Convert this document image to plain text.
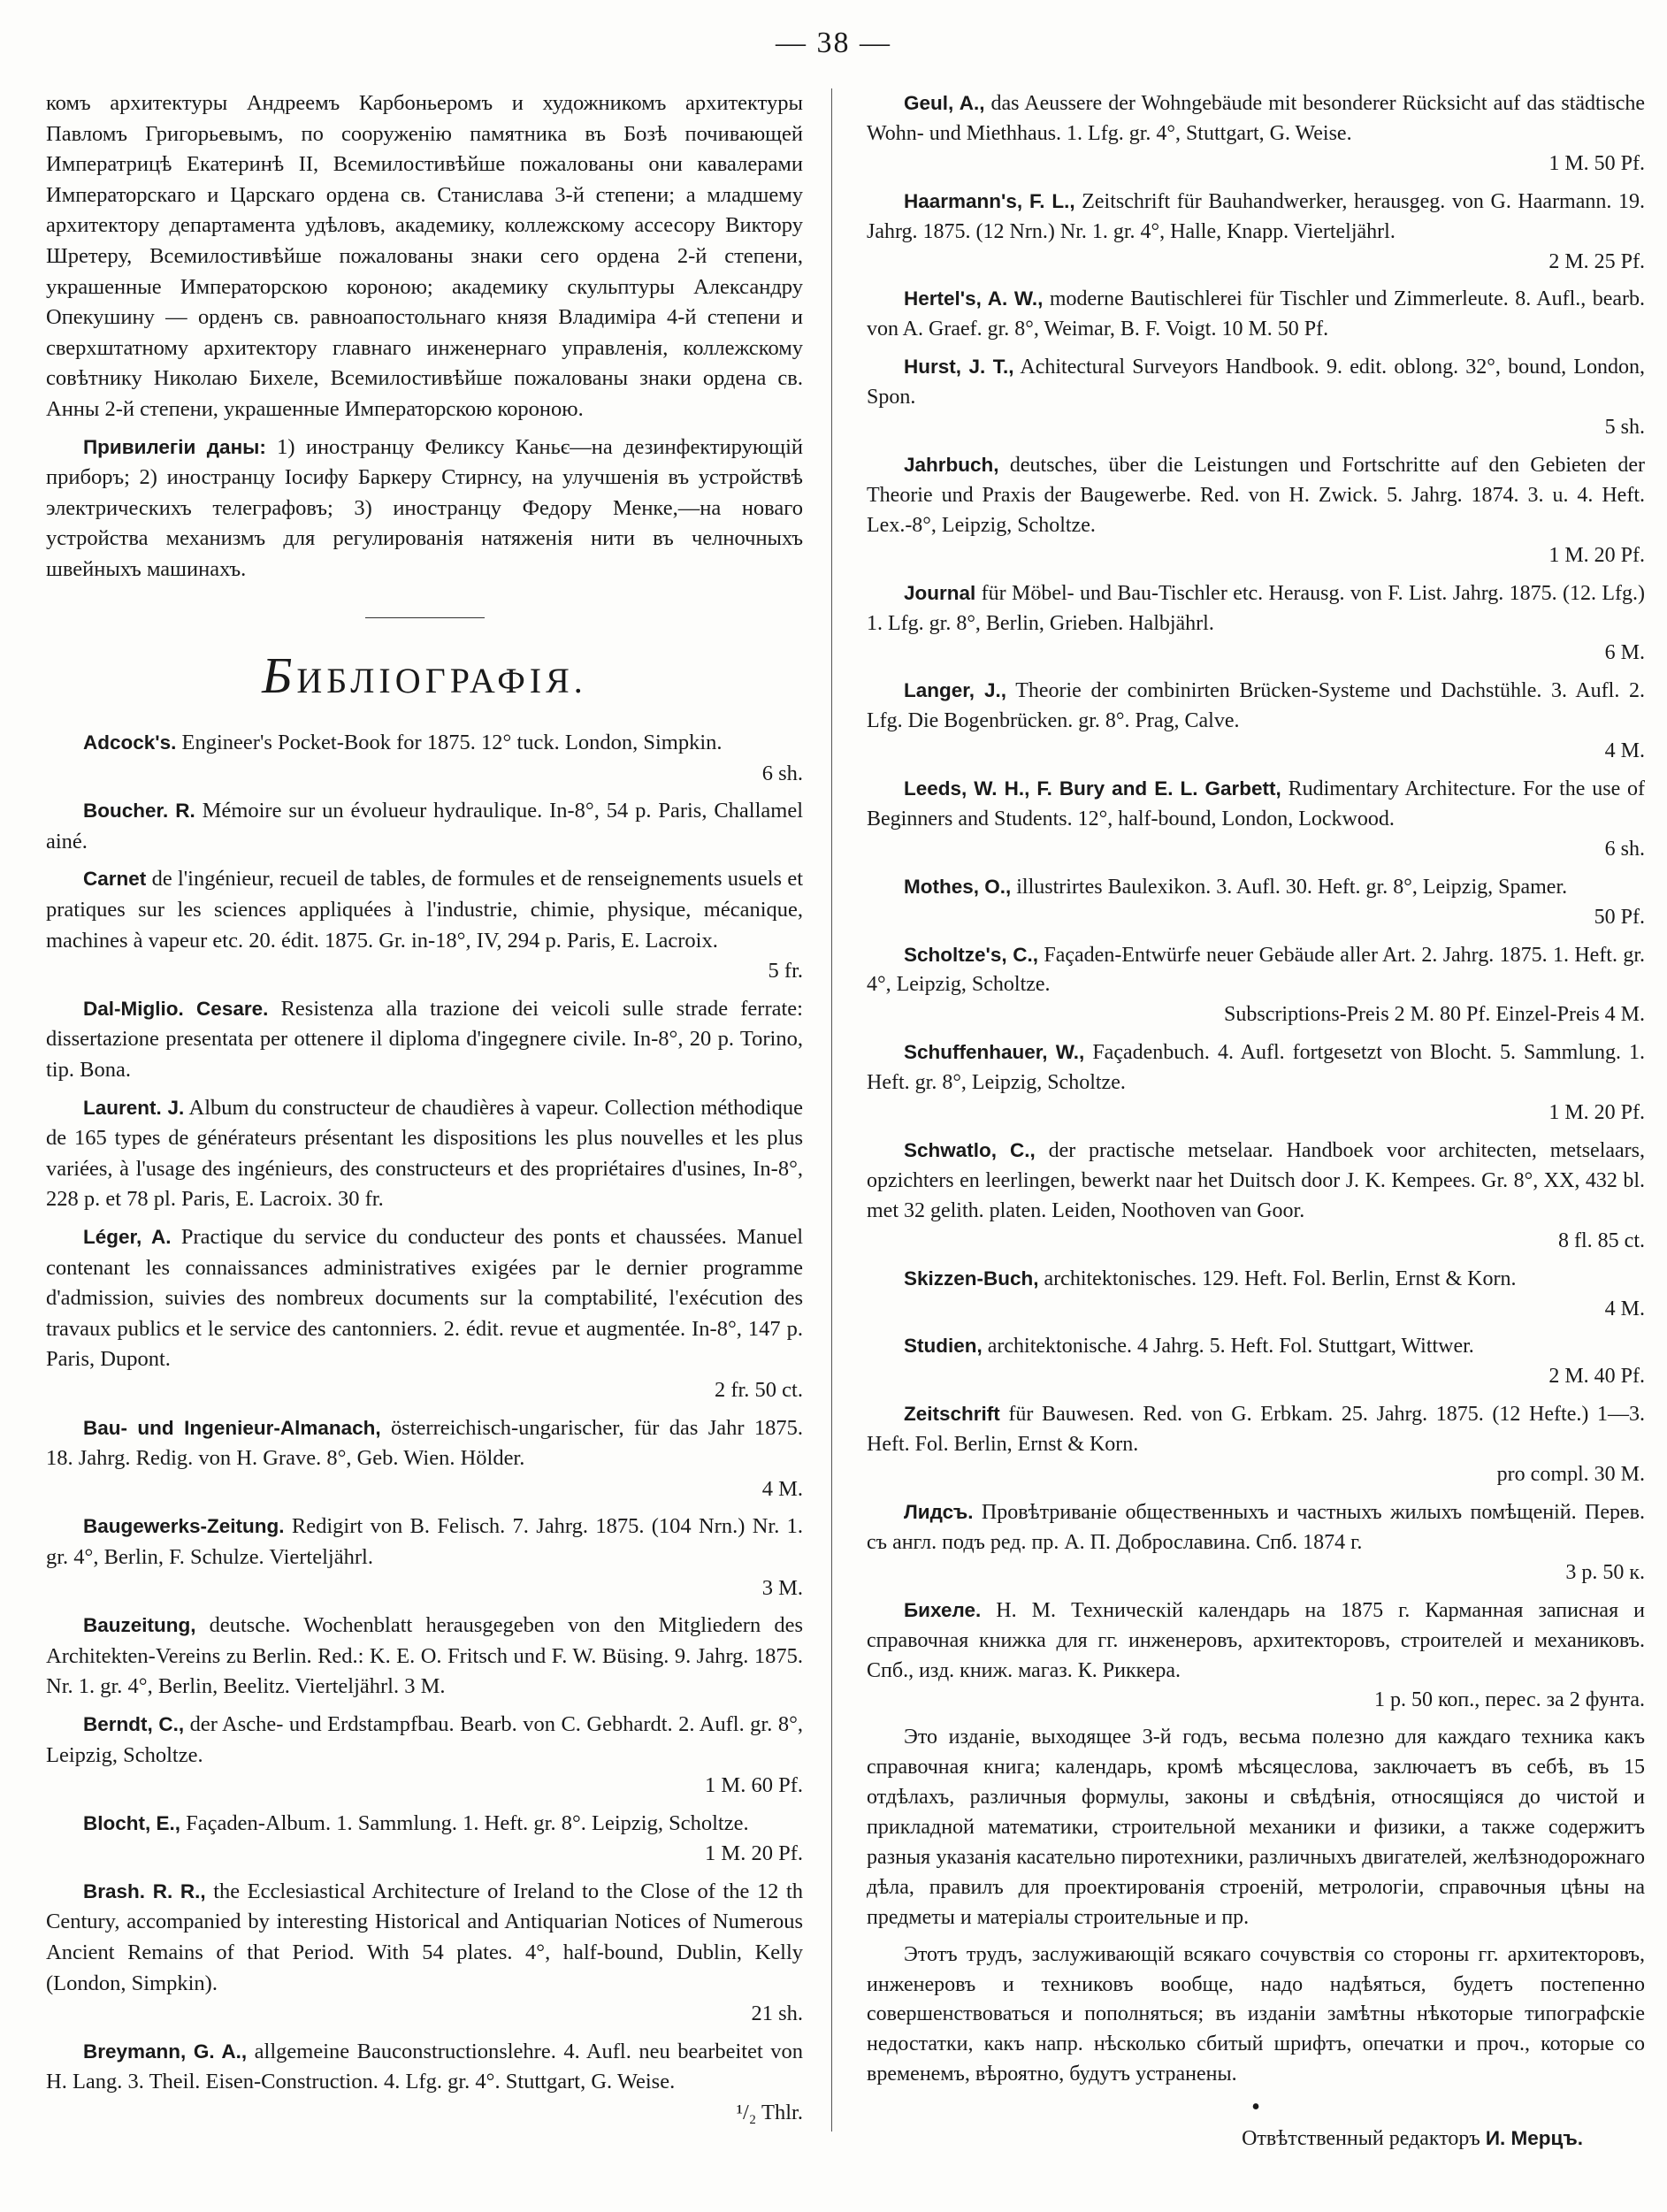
— 38 —

комъ архитектуры Андреемъ Карбоньеромъ и художникомъ архитектуры Павломъ Григорьевымъ, по сооруженію памятника въ Бозѣ почивающей Императрицѣ Екатеринѣ II, Всемилостивѣйше пожалованы они кавалерами Императорскаго и Царскаго ордена св. Станислава 3-й степени; а младшему архитектору департамента удѣловъ, академику, коллежскому ассесору Виктору Шретеру, Всемилостивѣйше пожалованы знаки сего ордена 2-й степени, украшенные Императорскою короною; академику скульптуры Александру Опекушину — орденъ св. равноапостольнаго князя Владиміра 4-й степени и сверхштатному архитектору главнаго инженернаго управленія, коллежскому совѣтнику Николаю Бихеле, Всемилостивѣйше пожалованы знаки ордена св. Анны 2-й степени, украшенные Императорскою короною.

Привилегіи даны: 1) иностранцу Феликсу Каньє—на дезинфектирующій приборъ; 2) иностранцу Іосифу Баркеру Стирнсу, на улучшенія въ устройствѣ электрическихъ телеграфовъ; 3) иностранцу Федору Менке,—на новаго устройства механизмъ для регулированія натяженія нити въ челночныхъ швейныхъ машинахъ.

БИБЛІОГРАФІЯ.

Adcock's. Engineer's Pocket-Book for 1875. 12° tuck. London, Simpkin.
6 sh.

Boucher. R. Mémoire sur un évolueur hydraulique. In-8°, 54 p. Paris, Challamel ainé.

Carnet de l'ingénieur, recueil de tables, de formules et de renseignements usuels et pratiques sur les sciences appliquées à l'industrie, chimie, physique, mécanique, machines à vapeur etc. 20. édit. 1875. Gr. in-18°, IV, 294 p. Paris, E. Lacroix.
5 fr.

Dal-Miglio. Cesare. Resistenza alla trazione dei veicoli sulle strade ferrate: dissertazione presentata per ottenere il diploma d'ingegnere civile. In-8°, 20 p. Torino, tip. Bona.

Laurent. J. Album du constructeur de chaudières à vapeur. Collection méthodique de 165 types de générateurs présentant les dispositions les plus nouvelles et les plus variées, à l'usage des ingénieurs, des constructeurs et des propriétaires d'usines, In-8°, 228 p. et 78 pl. Paris, E. Lacroix. 30 fr.

Léger, A. Practique du service du conducteur des ponts et chaussées. Manuel contenant les connaissances administratives exigées par le dernier programme d'admission, suivies des nombreux documents sur la comptabilité, l'exécution des travaux publics et le service des cantonniers. 2. édit. revue et augmentée. In-8°, 147 p. Paris, Dupont.
2 fr. 50 ct.

Bau- und Ingenieur-Almanach, österreichisch-ungarischer, für das Jahr 1875. 18. Jahrg. Redig. von H. Grave. 8°, Geb. Wien. Hölder.
4 M.

Baugewerks-Zeitung. Redigirt von B. Felisch. 7. Jahrg. 1875. (104 Nrn.) Nr. 1. gr. 4°, Berlin, F. Schulze. Vierteljährl.
3 M.

Bauzeitung, deutsche. Wochenblatt herausgegeben von den Mitgliedern des Architekten-Vereins zu Berlin. Red.: K. E. O. Fritsch und F. W. Büsing. 9. Jahrg. 1875. Nr. 1. gr. 4°, Berlin, Beelitz. Vierteljährl. 3 M.

Berndt, C., der Asche- und Erdstampfbau. Bearb. von C. Gebhardt. 2. Aufl. gr. 8°, Leipzig, Scholtze.
1 M. 60 Pf.

Blocht, E., Façaden-Album. 1. Sammlung. 1. Heft. gr. 8°. Leipzig, Scholtze.
1 M. 20 Pf.

Brash. R. R., the Ecclesiastical Architecture of Ireland to the Close of the 12 th Century, accompanied by interesting Historical and Antiquarian Notices of Numerous Ancient Remains of that Period. With 54 plates. 4°, half-bound, Dublin, Kelly (London, Simpkin).
21 sh.

Breymann, G. A., allgemeine Bauconstructionslehre. 4. Aufl. neu bearbeitet von H. Lang. 3. Theil. Eisen-Construction. 4. Lfg. gr. 4°. Stuttgart, G. Weise.
¹/₂ Thlr.

Geul, A., das Aeussere der Wohngebäude mit besonderer Rücksicht auf das städtische Wohn- und Miethhaus. 1. Lfg. gr. 4°, Stuttgart, G. Weise.
1 M. 50 Pf.

Haarmann's, F. L., Zeitschrift für Bauhandwerker, herausgeg. von G. Haarmann. 19. Jahrg. 1875. (12 Nrn.) Nr. 1. gr. 4°, Halle, Knapp. Vierteljährl.
2 M. 25 Pf.

Hertel's, A. W., moderne Bautischlerei für Tischler und Zimmerleute. 8. Aufl., bearb. von A. Graef. gr. 8°, Weimar, B. F. Voigt. 10 M. 50 Pf.

Hurst, J. T., Achitectural Surveyors Handbook. 9. edit. oblong. 32°, bound, London, Spon.
5 sh.

Jahrbuch, deutsches, über die Leistungen und Fortschritte auf den Gebieten der Theorie und Praxis der Baugewerbe. Red. von H. Zwick. 5. Jahrg. 1874. 3. u. 4. Heft. Lex.-8°, Leipzig, Scholtze.
1 M. 20 Pf.

Journal für Möbel- und Bau-Tischler etc. Herausg. von F. List. Jahrg. 1875. (12. Lfg.) 1. Lfg. gr. 8°, Berlin, Grieben. Halbjährl.
6 M.

Langer, J., Theorie der combinirten Brücken-Systeme und Dachstühle. 3. Aufl. 2. Lfg. Die Bogenbrücken. gr. 8°. Prag, Calve.
4 M.

Leeds, W. H., F. Bury and E. L. Garbett, Rudimentary Architecture. For the use of Beginners and Students. 12°, half-bound, London, Lockwood.
6 sh.

Mothes, O., illustrirtes Baulexikon. 3. Aufl. 30. Heft. gr. 8°, Leipzig, Spamer.
50 Pf.

Scholtze's, C., Façaden-Entwürfe neuer Gebäude aller Art. 2. Jahrg. 1875. 1. Heft. gr. 4°, Leipzig, Scholtze.
Subscriptions-Preis 2 M. 80 Pf. Einzel-Preis 4 M.

Schuffenhauer, W., Façadenbuch. 4. Aufl. fortgesetzt von Blocht. 5. Sammlung. 1. Heft. gr. 8°, Leipzig, Scholtze.
1 M. 20 Pf.

Schwatlo, C., der practische metselaar. Handboek voor architecten, metselaars, opzichters en leerlingen, bewerkt naar het Duitsch door J. K. Kempees. Gr. 8°, XX, 432 bl. met 32 gelith. platen. Leiden, Noothoven van Goor.
8 fl. 85 ct.

Skizzen-Buch, architektonisches. 129. Heft. Fol. Berlin, Ernst & Korn.
4 M.

Studien, architektonische. 4 Jahrg. 5. Heft. Fol. Stuttgart, Wittwer.
2 M. 40 Pf.

Zeitschrift für Bauwesen. Red. von G. Erbkam. 25. Jahrg. 1875. (12 Hefte.) 1—3. Heft. Fol. Berlin, Ernst & Korn.
pro compl. 30 M.

Лидсъ. Провѣтриваніе общественныхъ и частныхъ жилыхъ помѣщеній. Перев. съ англ. подъ ред. пр. А. П. Доброславина. Спб. 1874 г.
3 р. 50 к.

Бихеле. Н. М. Техническій календарь на 1875 г. Карманная записная и справочная книжка для гг. инженеровъ, архитекторовъ, строителей и механиковъ. Спб., изд. книж. магаз. К. Риккера.
1 р. 50 коп., перес. за 2 фунта.

Это изданіе, выходящее 3-й годъ, весьма полезно для каждаго техника какъ справочная книга; календарь, кромѣ мѣсяцеслова, заключаетъ въ себѣ, въ 15 отдѣлахъ, различныя формулы, законы и свѣдѣнія, относящіяся до чистой и прикладной математики, строительной механики и физики, а также содержитъ разныя указанія касательно пиротехники, различныхъ двигателей, желѣзнодорожнаго дѣла, правилъ для проектированія строеній, метрологіи, справочныя цѣны на предметы и матеріалы строительные и пр.

Этотъ трудъ, заслуживающій всякаго сочувствія со стороны гг. архитекторовъ, инженеровъ и техниковъ вообще, надо надѣяться, будетъ постепенно совершенствоваться и пополняться; въ изданіи замѣтны нѣкоторые типографскіе недостатки, какъ напр. нѣсколько сбитый шрифтъ, опечатки и проч., которые со временемъ, вѣроятно, будутъ устранены.

•

Отвѣтственный редакторъ И. Мерцъ.
